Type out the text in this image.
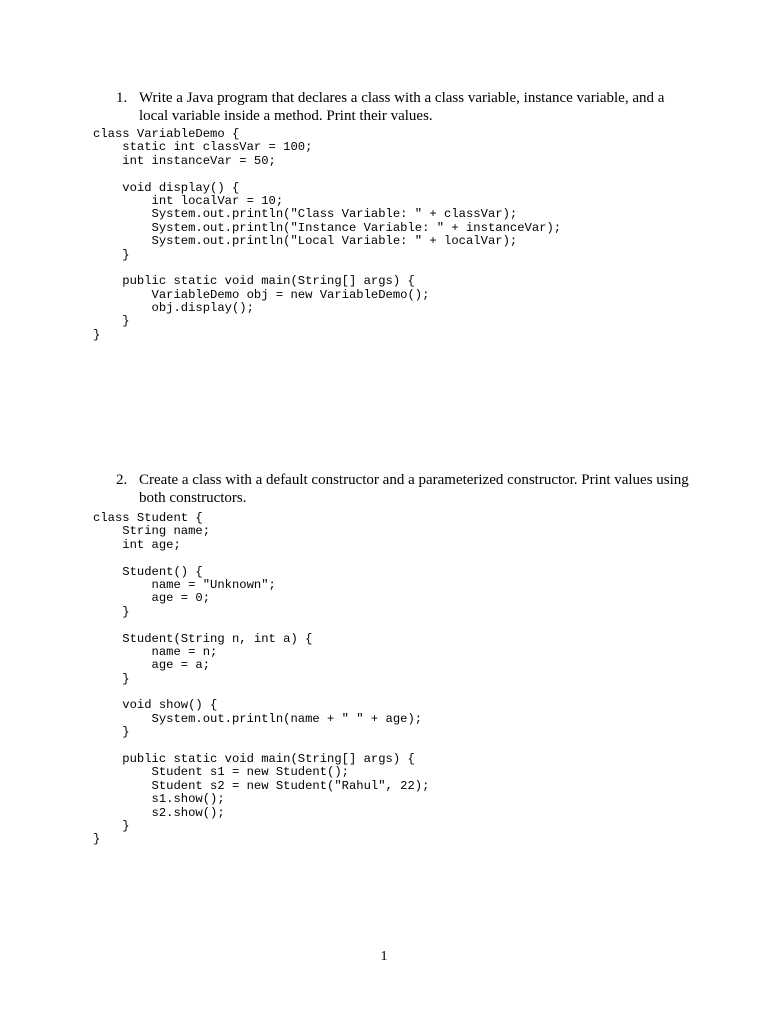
1. Write a Java program that declares a class with a class variable, instance variable, and a local variable inside a method. Print their values.
class VariableDemo {
static int classVar = 100;
int instanceVar = 50;
void display() {
int localVar = 10;
System.out.println("Class Variable: " + classVar);
System.out.println("Instance Variable: " + instanceVar);
System.out.println("Local Variable: " + localVar);
}
public static void main(String[] args) {
VariableDemo obj = new VariableDemo();
obj.display();
}
}
2. Create a class with a default constructor and a parameterized constructor. Print values using both constructors.
class Student {
String name;
int age;
Student() {
name = "Unknown";
age = 0;
}
Student(String n, int a) {
name = n;
age = a;
}
void show() {
System.out.println(name + " " + age);
}
public static void main(String[] args) {
Student s1 = new Student();
Student s2 = new Student("Rahul", 22);
s1.show();
s2.show();
}
}
1
